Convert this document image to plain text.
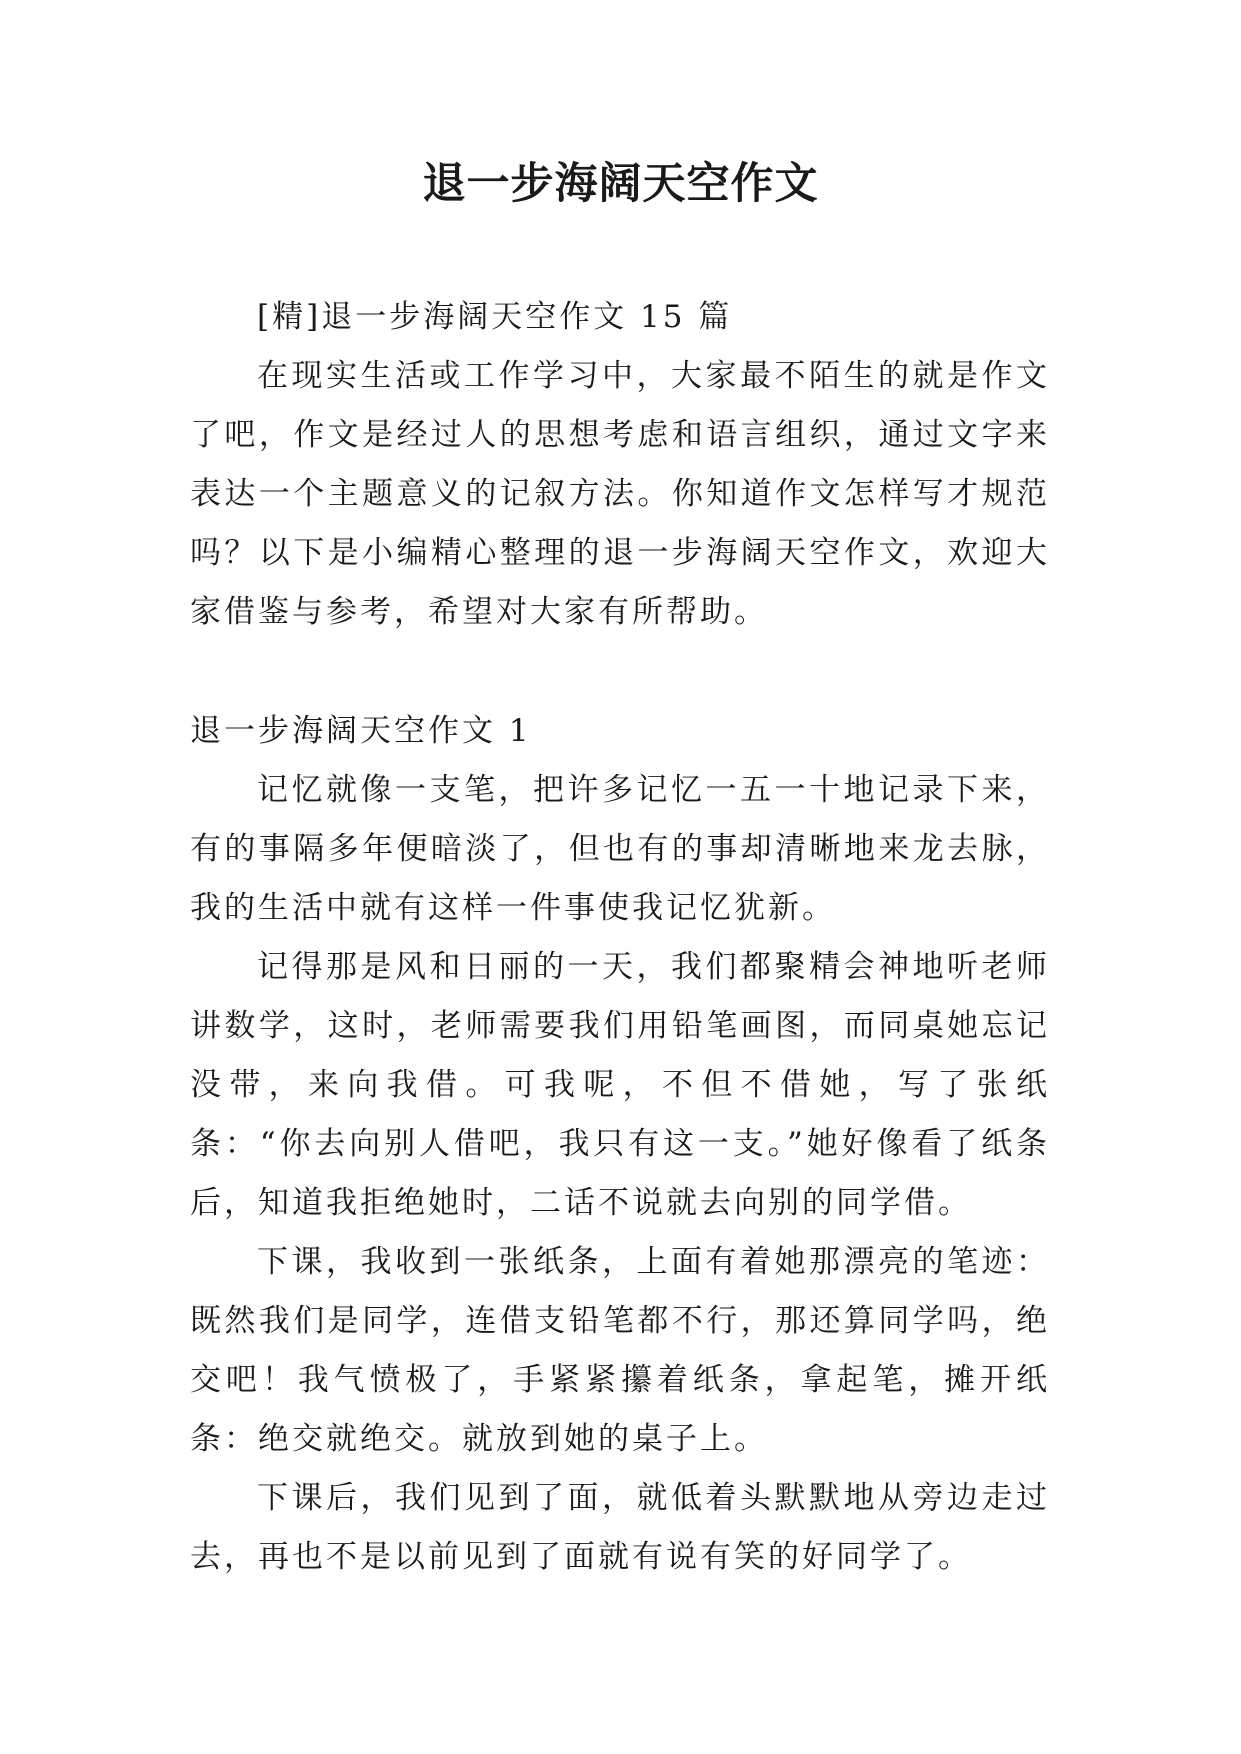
退一步海阔天空作文

[精]退一步海阔天空作文 15 篇

在现实生活或工作学习中，大家最不陌生的就是作文了吧，作文是经过人的思想考虑和语言组织，通过文字来表达一个主题意义的记叙方法。你知道作文怎样写才规范吗？以下是小编精心整理的退一步海阔天空作文，欢迎大家借鉴与参考，希望对大家有所帮助。

退一步海阔天空作文 1

记忆就像一支笔，把许多记忆一五一十地记录下来，有的事隔多年便暗淡了，但也有的事却清晰地来龙去脉，我的生活中就有这样一件事使我记忆犹新。

记得那是风和日丽的一天，我们都聚精会神地听老师讲数学，这时，老师需要我们用铅笔画图，而同桌她忘记没带，来向我借。可我呢，不但不借她，写了张纸条：“你去向别人借吧，我只有这一支。”她好像看了纸条后，知道我拒绝她时，二话不说就去向别的同学借。

下课，我收到一张纸条，上面有着她那漂亮的笔迹：既然我们是同学，连借支铅笔都不行，那还算同学吗，绝交吧！我气愤极了，手紧紧攥着纸条，拿起笔，摊开纸条：绝交就绝交。就放到她的桌子上。

下课后，我们见到了面，就低着头默默地从旁边走过去，再也不是以前见到了面就有说有笑的好同学了。
